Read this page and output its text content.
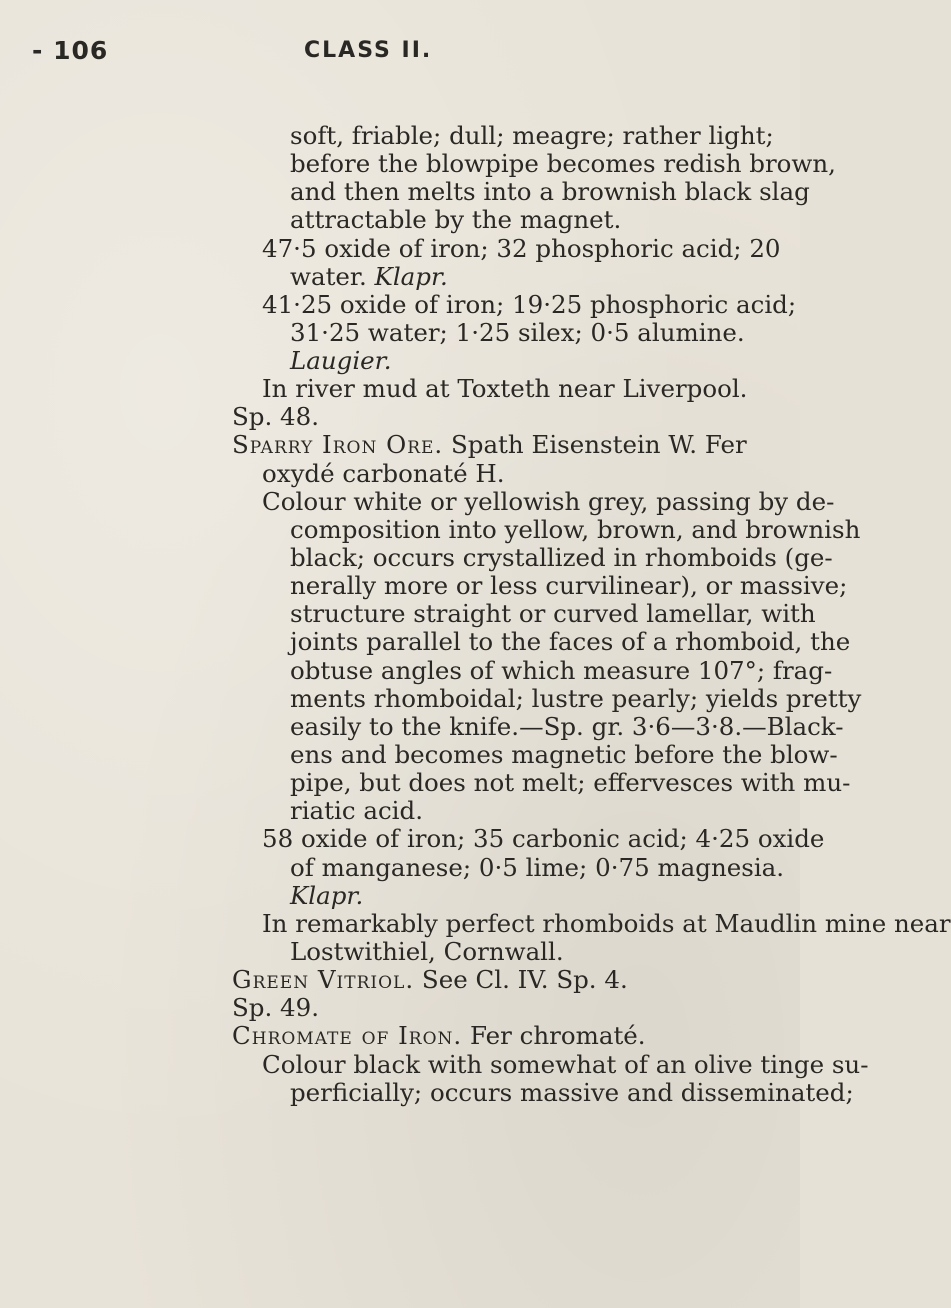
- 106	CLASS II.
soft, friable; dull; meagre; rather light;
before the blowpipe becomes redish brown,
and then melts into a brownish black slag
attractable by the magnet.
47·5 oxide of iron; 32 phosphoric acid; 20
water. Klapr.
41·25 oxide of iron; 19·25 phosphoric acid;
31·25 water; 1·25 silex; 0·5 alumine.
Laugier.
In river mud at Toxteth near Liverpool.
Sp. 48.
Sparry Iron Ore. Spath Eisenstein W. Fer
oxydé carbonaté H.
Colour white or yellowish grey, passing by de-
composition into yellow, brown, and brownish
black; occurs crystallized in rhomboids (ge-
nerally more or less curvilinear), or massive;
structure straight or curved lamellar, with
joints parallel to the faces of a rhomboid, the
obtuse angles of which measure 107°; frag-
ments rhomboidal; lustre pearly; yields pretty
easily to the knife.—Sp. gr. 3·6—3·8.—Black-
ens and becomes magnetic before the blow-
pipe, but does not melt; effervesces with mu-
riatic acid.
58 oxide of iron; 35 carbonic acid; 4·25 oxide
of manganese; 0·5 lime; 0·75 magnesia.
Klapr.
In remarkably perfect rhomboids at Maudlin mine near
Lostwithiel, Cornwall.
Green Vitriol. See Cl. IV. Sp. 4.
Sp. 49.
Chromate of Iron. Fer chromaté.
Colour black with somewhat of an olive tinge su-
perficially; occurs massive and disseminated;
